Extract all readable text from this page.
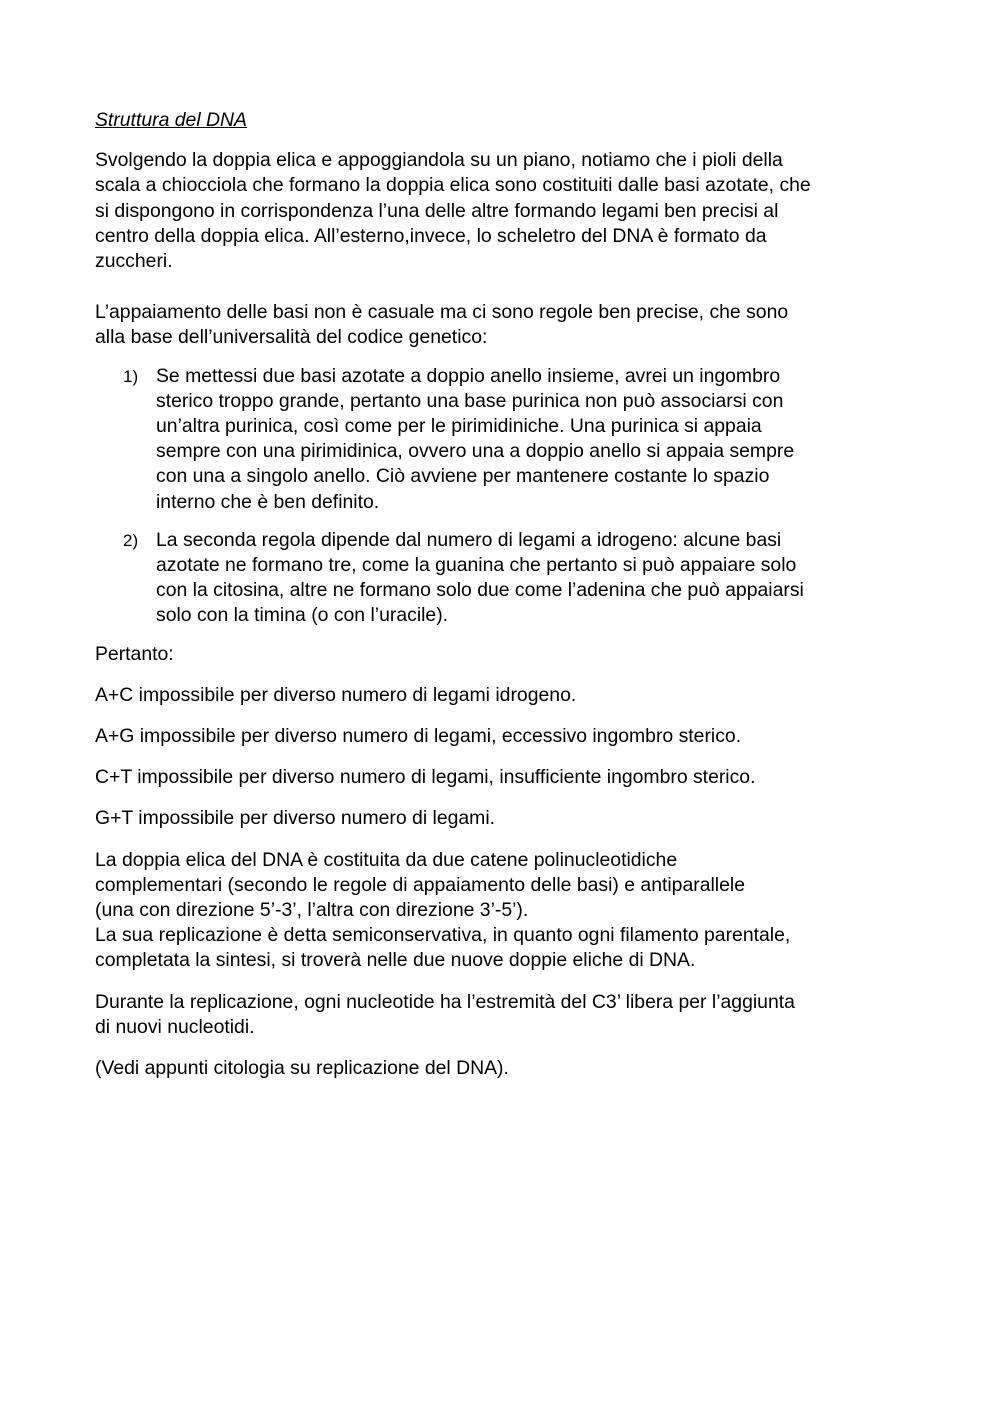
Struttura del DNA

Svolgendo la doppia elica e appoggiandola su un piano, notiamo che i pioli della
scala a chiocciola che formano la doppia elica sono costituiti dalle basi azotate, che
si dispongono in corrispondenza l’una delle altre formando legami ben precisi al
centro della doppia elica. All’esterno,invece, lo scheletro del DNA è formato da
zuccheri.

L’appaiamento delle basi non è casuale ma ci sono regole ben precise, che sono
alla base dell’universalità del codice genetico:

1) Se mettessi due basi azotate a doppio anello insieme, avrei un ingombro
sterico troppo grande, pertanto una base purinica non può associarsi con
un’altra purinica, così come per le pirimidiniche. Una purinica si appaia
sempre con una pirimidinica, ovvero una a doppio anello si appaia sempre
con una a singolo anello. Ciò avviene per mantenere costante lo spazio
interno che è ben definito.
2) La seconda regola dipende dal numero di legami a idrogeno: alcune basi
azotate ne formano tre, come la guanina che pertanto si può appaiare solo
con la citosina, altre ne formano solo due come l’adenina che può appaiarsi
solo con la timina (o con l’uracile).

Pertanto:

A+C impossibile per diverso numero di legami idrogeno.

A+G impossibile per diverso numero di legami, eccessivo ingombro sterico.

C+T impossibile per diverso numero di legami, insufficiente ingombro sterico.

G+T impossibile per diverso numero di legami.

La doppia elica del DNA è costituita da due catene polinucleotidiche
complementari (secondo le regole di appaiamento delle basi) e antiparallele
(una con direzione 5’-3’, l’altra con direzione 3’-5’).
La sua replicazione è detta semiconservativa, in quanto ogni filamento parentale,
completata la sintesi, si troverà nelle due nuove doppie eliche di DNA.

Durante la replicazione, ogni nucleotide ha l’estremità del C3’ libera per l’aggiunta
di nuovi nucleotidi.

(Vedi appunti citologia su replicazione del DNA).
